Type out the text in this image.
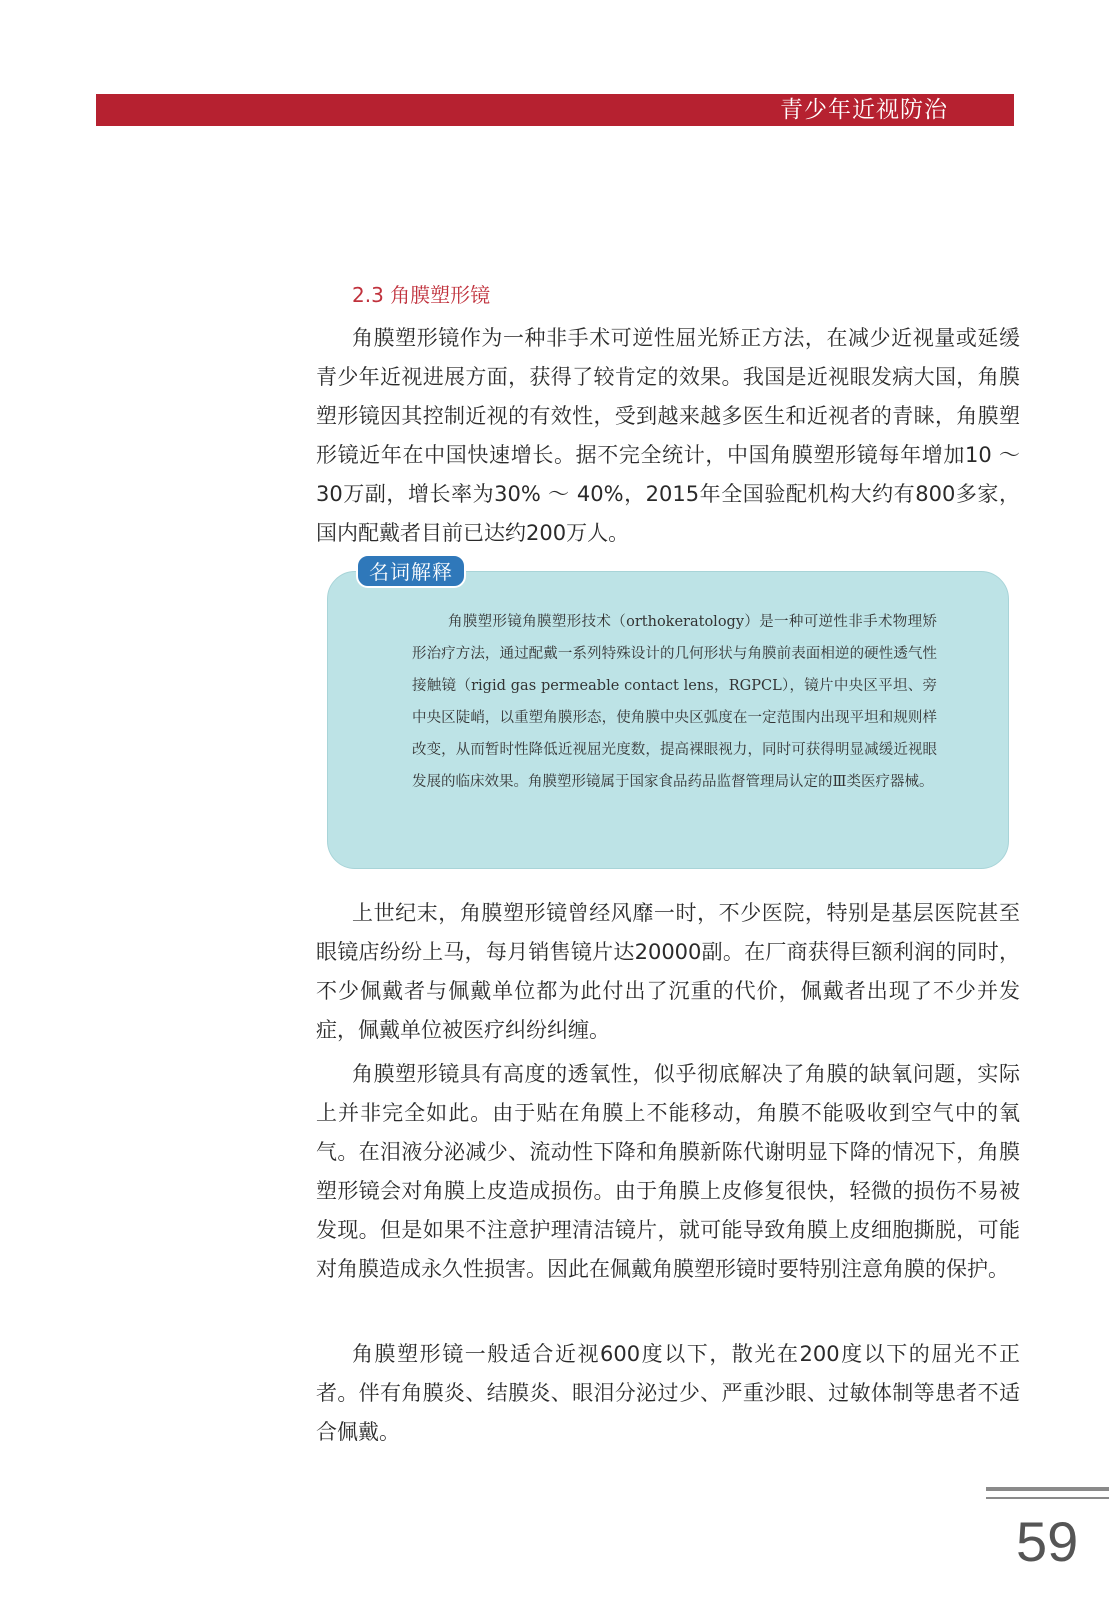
青少年近视防治
2.3 角膜塑形镜

角膜塑形镜作为一种非手术可逆性屈光矫正方法，在减少近视量或延缓青少年近视进展方面，获得了较肯定的效果。我国是近视眼发病大国，角膜塑形镜因其控制近视的有效性，受到越来越多医生和近视者的青睐，角膜塑形镜近年在中国快速增长。据不完全统计，中国角膜塑形镜每年增加10 ～ 30万副，增长率为30% ～ 40%，2015年全国验配机构大约有800多家，国内配戴者目前已达约200万人。

名词解释

角膜塑形镜角膜塑形技术（orthokeratology）是一种可逆性非手术物理矫形治疗方法，通过配戴一系列特殊设计的几何形状与角膜前表面相逆的硬性透气性接触镜（rigid gas permeable contact lens，RGPCL），镜片中央区平坦、旁中央区陡峭，以重塑角膜形态，使角膜中央区弧度在一定范围内出现平坦和规则样改变，从而暂时性降低近视屈光度数，提高裸眼视力，同时可获得明显减缓近视眼发展的临床效果。角膜塑形镜属于国家食品药品监督管理局认定的Ⅲ类医疗器械。

上世纪末，角膜塑形镜曾经风靡一时，不少医院，特别是基层医院甚至眼镜店纷纷上马，每月销售镜片达20000副。在厂商获得巨额利润的同时，不少佩戴者与佩戴单位都为此付出了沉重的代价，佩戴者出现了不少并发症，佩戴单位被医疗纠纷纠缠。

角膜塑形镜具有高度的透氧性，似乎彻底解决了角膜的缺氧问题，实际上并非完全如此。由于贴在角膜上不能移动，角膜不能吸收到空气中的氧气。在泪液分泌减少、流动性下降和角膜新陈代谢明显下降的情况下，角膜塑形镜会对角膜上皮造成损伤。由于角膜上皮修复很快，轻微的损伤不易被发现。但是如果不注意护理清洁镜片，就可能导致角膜上皮细胞撕脱，可能对角膜造成永久性损害。因此在佩戴角膜塑形镜时要特别注意角膜的保护。

角膜塑形镜一般适合近视600度以下，散光在200度以下的屈光不正者。伴有角膜炎、结膜炎、眼泪分泌过少、严重沙眼、过敏体制等患者不适合佩戴。

59
